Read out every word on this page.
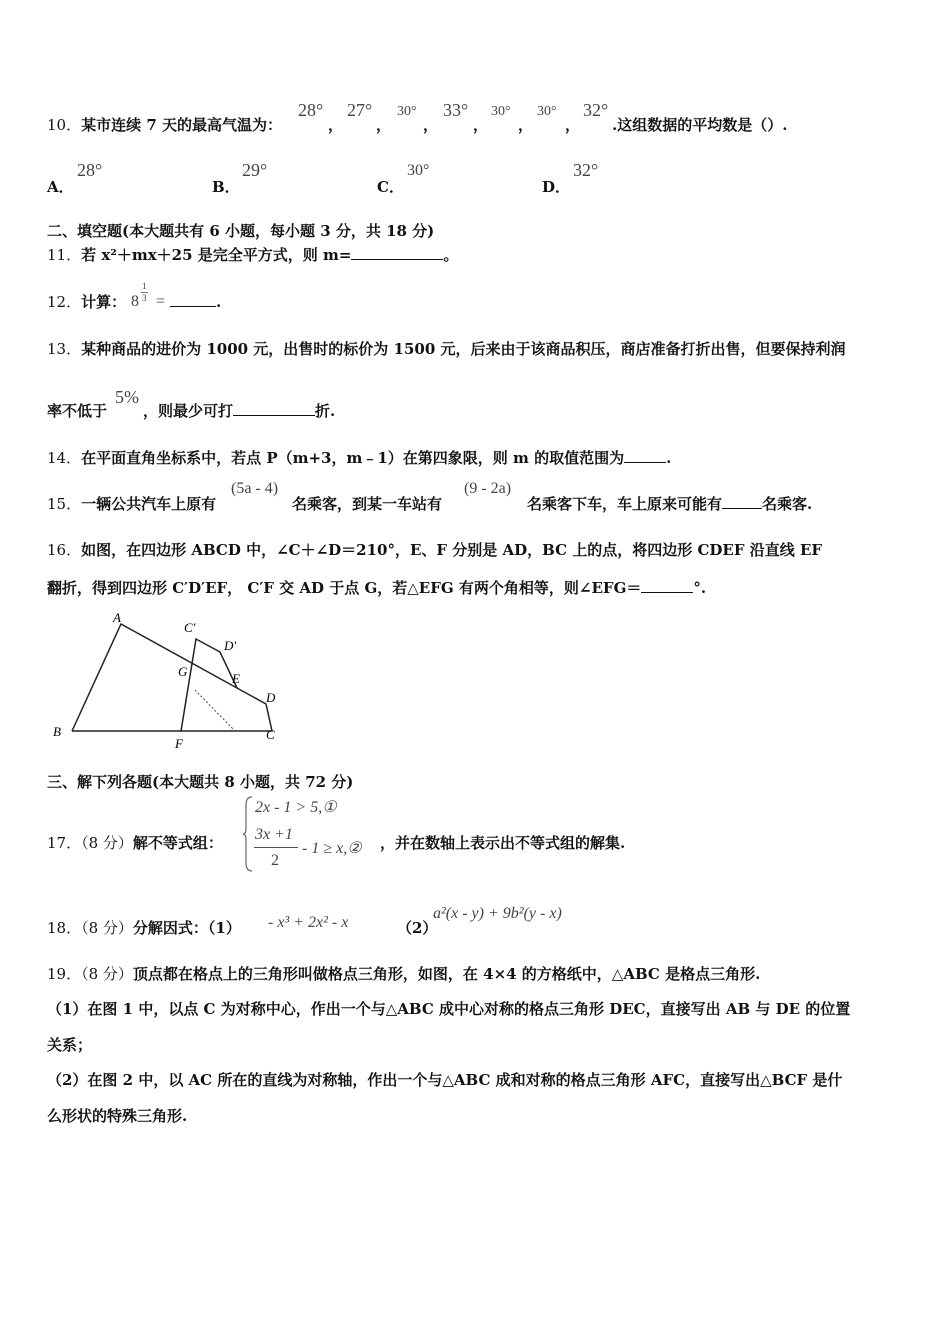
10．某市连续 7 天的最高气温为：
28°
，
27°
，
30°
，
33°
，
30°
，
30°
，
32°
.这组数据的平均数是（）.
A．
28°
B．
29°
C．
30°
D．
32°
二、填空题(本大题共有 6 小题，每小题 3 分，共 18 分)
11．若 x²＋mx＋25 是完全平方式，则 m=	。
12．计算： 8
1
3 =	.
13．某种商品的进价为 1000 元，出售时的标价为 1500 元，后来由于该商品积压，商店准备打折出售，但要保持利润
率不低于
5%
，则最少可打	折.
14．在平面直角坐标系中，若点 P（m+3，m﹣1）在第四象限，则 m 的取值范围为	.
15．一辆公共汽车上原有
(5a - 4)
名乘客，到某一车站有
(9 - 2a)
名乘客下车，车上原来可能有	名乘客.
16．如图，在四边形 ABCD 中，∠C＋∠D＝210°，E、F 分别是 AD，BC 上的点，将四边形 CDEF 沿直线 EF
翻折，得到四边形 C′D′EF， C′F 交 AD 于点 G，若△EFG 有两个角相等，则∠EFG＝	°.
A
B	C
D
C′
D′
E
F
G
三、解下列各题(本大题共 8 小题，共 72 分)
17．（8 分）解不等式组：
2x - 1 > 5,①
3x +1
2
- 1 ≥ x,② ，并在数轴上表示出不等式组的解集.
18．（8 分）分解因式：（1） - x³ + 2x² - x	（2）
a²(x - y) + 9b²(y - x)
19．（8 分）顶点都在格点上的三角形叫做格点三角形，如图，在 4×4 的方格纸中，△ABC 是格点三角形.
（1）在图 1 中，以点 C 为对称中心，作出一个与△ABC 成中心对称的格点三角形 DEC，直接写出 AB 与 DE 的位置
关系；
（2）在图 2 中，以 AC 所在的直线为对称轴，作出一个与△ABC 成和对称的格点三角形 AFC，直接写出△BCF 是什
么形状的特殊三角形.
